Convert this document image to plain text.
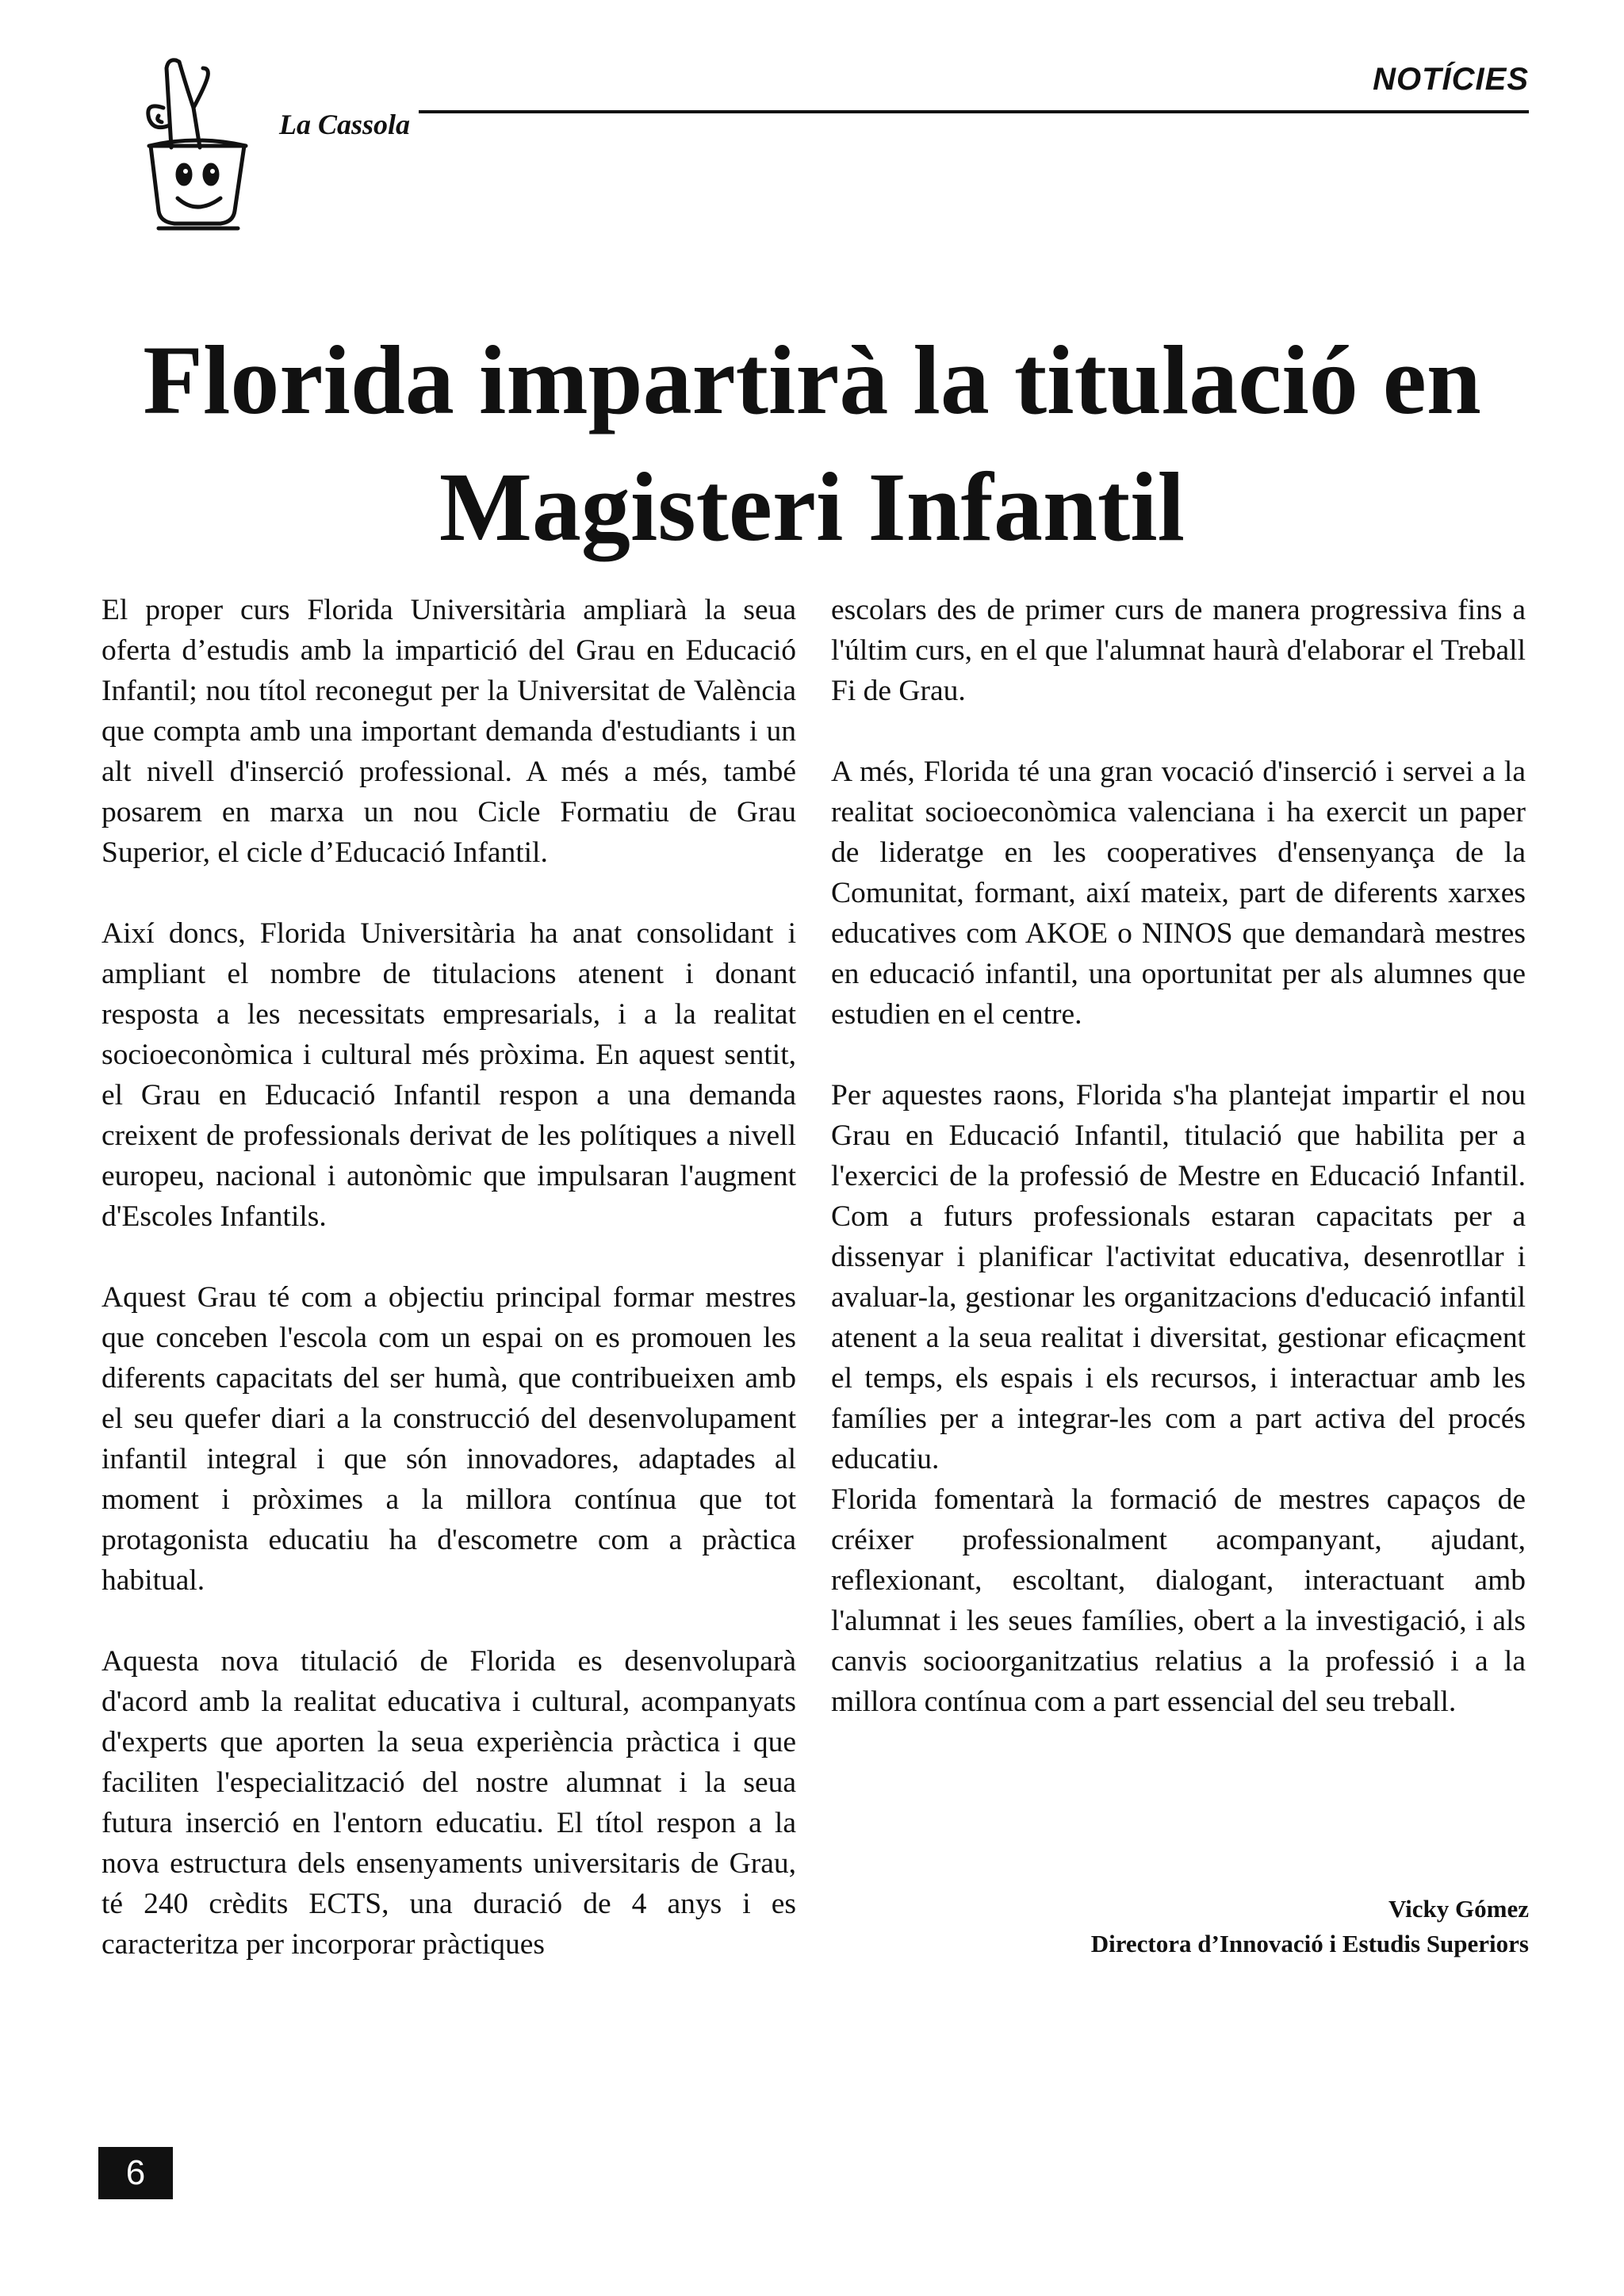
La Cassola
NOTÍCIES
Florida impartirà la titulació en Magisteri Infantil

El proper curs Florida Universitària ampliarà la seua oferta d’estudis amb la impartició del Grau en Educació Infantil; nou títol reconegut per la Universitat de València que compta amb una important demanda d'estudiants i un alt nivell d'inserció professional. A més a més, també posarem en marxa un nou Cicle Formatiu de Grau Superior, el cicle d’Educació Infantil.

Així doncs, Florida Universitària ha anat consolidant i ampliant el nombre de titulacions atenent i donant resposta a les necessitats empresarials, i a la realitat socioeconòmica i cultural més pròxima. En aquest sentit, el Grau en Educació Infantil respon a una demanda creixent de professionals derivat de les polítiques a nivell europeu, nacional i autonòmic que impulsaran l'augment d'Escoles Infantils.

Aquest Grau té com a objectiu principal formar mestres que conceben l'escola com un espai on es promouen les diferents capacitats del ser humà, que contribueixen amb el seu quefer diari a la construcció del desenvolupament infantil integral i que són innovadores, adaptades al moment i pròximes a la millora contínua que tot protagonista educatiu ha d'escometre com a pràctica habitual.

Aquesta nova titulació de Florida es desenvoluparà d'acord amb la realitat educativa i cultural, acompanyats d'experts que aporten la seua experiència pràctica i que faciliten l'especialització del nostre alumnat i la seua futura inserció en l'entorn educatiu. El títol respon a la nova estructura dels ensenyaments universitaris de Grau, té 240 crèdits ECTS, una duració de 4 anys i es caracteritza per incorporar pràctiques

escolars des de primer curs de manera progressiva fins a l'últim curs, en el que l'alumnat haurà d'elaborar el Treball Fi de Grau.

A més, Florida té una gran vocació d'inserció i servei a la realitat socioeconòmica valenciana i ha exercit un paper de lideratge en les cooperatives d'ensenyança de la Comunitat, formant, així mateix, part de diferents xarxes educatives com AKOE o NINOS que demandarà mestres en educació infantil, una oportunitat per als alumnes que estudien en el centre.

Per aquestes raons, Florida s'ha plantejat impartir el nou Grau en Educació Infantil, titulació que habilita per a l'exercici de la professió de Mestre en Educació Infantil. Com a futurs professionals estaran capacitats per a dissenyar i planificar l'activitat educativa, desenrotllar i avaluar-la, gestionar les organitzacions d'educació infantil atenent a la seua realitat i diversitat, gestionar eficaçment el temps, els espais i els recursos, i interactuar amb les famílies per a integrar-les com a part activa del procés educatiu.

Florida fomentarà la formació de mestres capaços de créixer professionalment acompanyant, ajudant, reflexionant, escoltant, dialogant, interactuant amb l'alumnat i les seues famílies, obert a la investigació, i als canvis socioorganitzatius relatius a la professió i a la millora contínua com a part essencial del seu treball.

Vicky Gómez
Directora d’Innovació i Estudis Superiors
6
